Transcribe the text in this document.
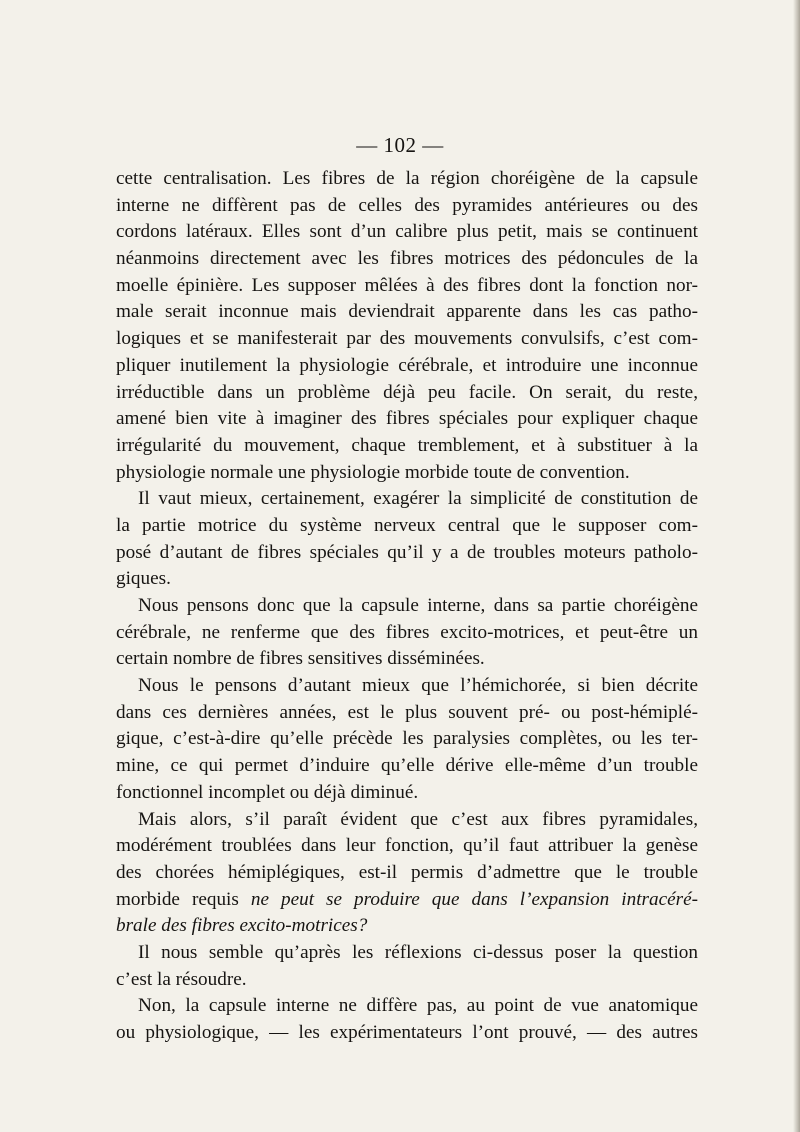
— 102 —
cette centralisation. Les fibres de la région choréigène de la capsule
interne ne diffèrent pas de celles des pyramides antérieures ou des
cordons latéraux. Elles sont d’un calibre plus petit, mais se continuent
néanmoins directement avec les fibres motrices des pédoncules de la
moelle épinière. Les supposer mêlées à des fibres dont la fonction nor-
male serait inconnue mais deviendrait apparente dans les cas patho-
logiques et se manifesterait par des mouvements convulsifs, c’est com-
pliquer inutilement la physiologie cérébrale, et introduire une inconnue
irréductible dans un problème déjà peu facile. On serait, du reste,
amené bien vite à imaginer des fibres spéciales pour expliquer chaque
irrégularité du mouvement, chaque tremblement, et à substituer à la
physiologie normale une physiologie morbide toute de convention.
Il vaut mieux, certainement, exagérer la simplicité de constitution de
la partie motrice du système nerveux central que le supposer com-
posé d’autant de fibres spéciales qu’il y a de troubles moteurs patholo-
giques.
Nous pensons donc que la capsule interne, dans sa partie choréigène
cérébrale, ne renferme que des fibres excito-motrices, et peut-être un
certain nombre de fibres sensitives disséminées.
Nous le pensons d’autant mieux que l’hémichorée, si bien décrite
dans ces dernières années, est le plus souvent pré- ou post-hémiplé-
gique, c’est-à-dire qu’elle précède les paralysies complètes, ou les ter-
mine, ce qui permet d’induire qu’elle dérive elle-même d’un trouble
fonctionnel incomplet ou déjà diminué.
Mais alors, s’il paraît évident que c’est aux fibres pyramidales,
modérément troublées dans leur fonction, qu’il faut attribuer la genèse
des chorées hémiplégiques, est-il permis d’admettre que le trouble
morbide requis ne peut se produire que dans l’expansion intracéré-
brale des fibres excito-motrices?
Il nous semble qu’après les réflexions ci-dessus poser la question
c’est la résoudre.
Non, la capsule interne ne diffère pas, au point de vue anatomique
ou physiologique, — les expérimentateurs l’ont prouvé, — des autres
